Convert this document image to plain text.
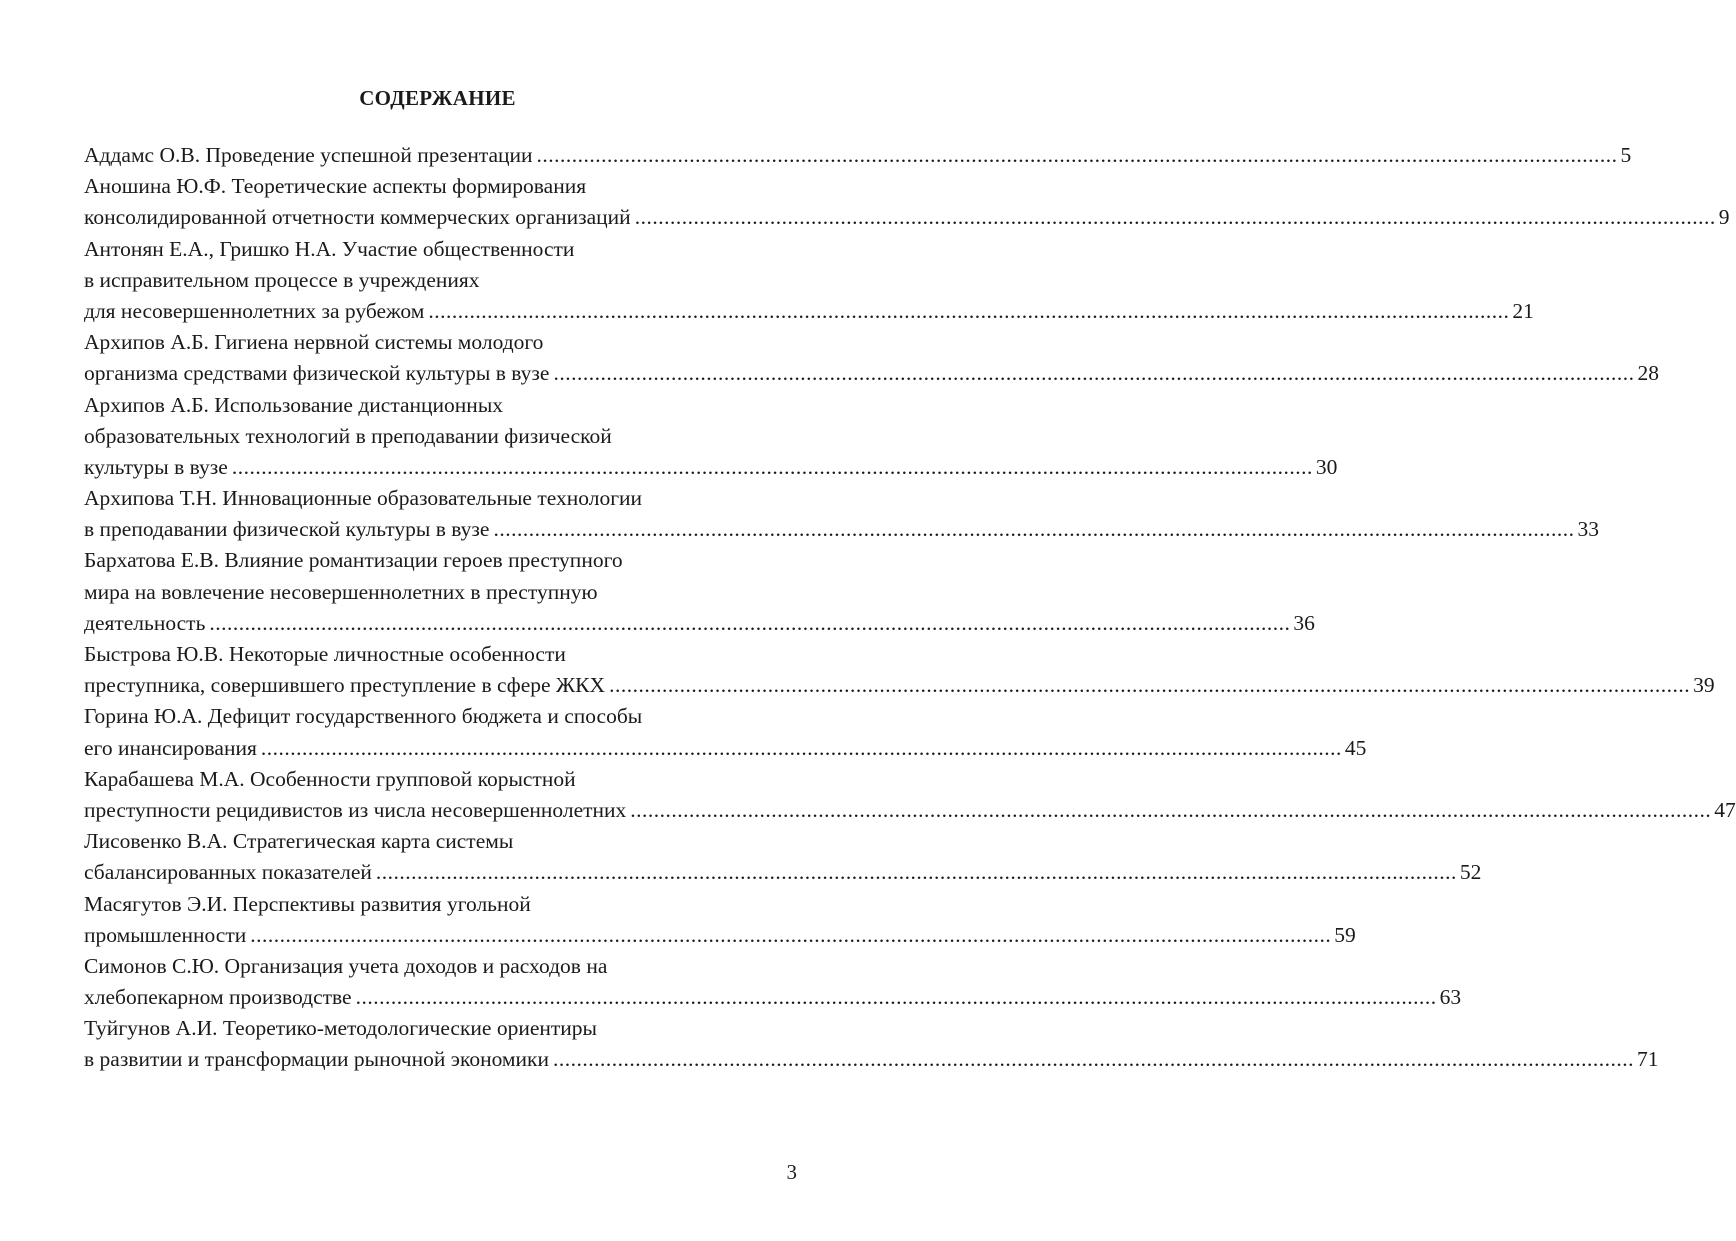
СОДЕРЖАНИЕ
Аддамс О.В. Проведение успешной презентации .....	5
Аношина Ю.Ф. Теоретические аспекты формирования
консолидированной отчетности коммерческих организаций .....	9
Антонян Е.А., Гришко Н.А. Участие общественности
в исправительном процессе в учреждениях
для несовершеннолетних за рубежом .....	21
Архипов А.Б. Гигиена нервной системы молодого
организма средствами физической культуры в вузе .....	28
Архипов А.Б. Использование дистанционных
образовательных технологий в преподавании физической
культуры в вузе .....	30
Архипова Т.Н. Инновационные образовательные технологии
в преподавании физической культуры в вузе .....	33
Бархатова Е.В. Влияние романтизации героев преступного
мира на вовлечение несовершеннолетних в преступную
деятельность .....	36
Быстрова Ю.В. Некоторые личностные особенности
преступника, совершившего преступление в сфере ЖКХ .....	39
Горина Ю.А. Дефицит государственного бюджета и способы
его инансирования .....	45
Карабашева М.А. Особенности групповой корыстной
преступности рецидивистов из числа несовершеннолетних .....	47
Лисовенко В.А. Стратегическая карта системы
сбалансированных показателей .....	52
Масягутов Э.И. Перспективы развития угольной
промышленности .....	59
Симонов С.Ю. Организация учета доходов и расходов на
хлебопекарном производстве .....	63
Туйгунов А.И. Теоретико-методологические ориентиры
в развитии и трансформации рыночной экономики .....	71
3
